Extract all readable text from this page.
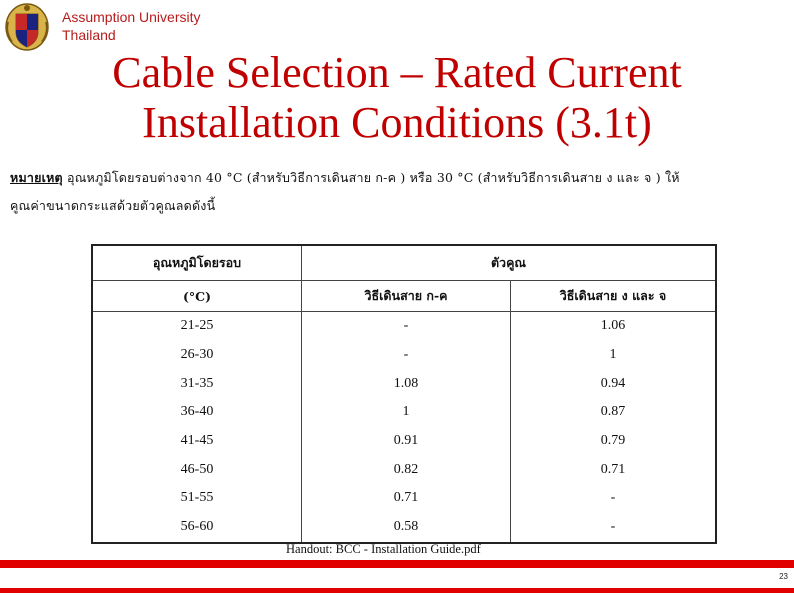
Assumption University
Thailand
Cable Selection – Rated Current
Installation Conditions (3.1t)
หมายเหตุ อุณหภูมิโดยรอบต่างจาก 40 °C (สำหรับวิธีการเดินสาย ก-ค ) หรือ 30 °C (สำหรับวิธีการเดินสาย ง และ จ ) ให้
คูณค่าขนาดกระแสด้วยตัวคูณลดดังนี้
อุณหภูมิโดยรอบ	ตัวคูณ	
(°C)	วิธีเดินสาย ก-ค	วิธีเดินสาย ง และ จ
21-25	-	1.06
26-30	-	1
31-35	1.08	0.94
36-40	1	0.87
41-45	0.91	0.79
46-50	0.82	0.71
51-55	0.71	-
56-60	0.58	-
Handout: BCC - Installation Guide.pdf
23
